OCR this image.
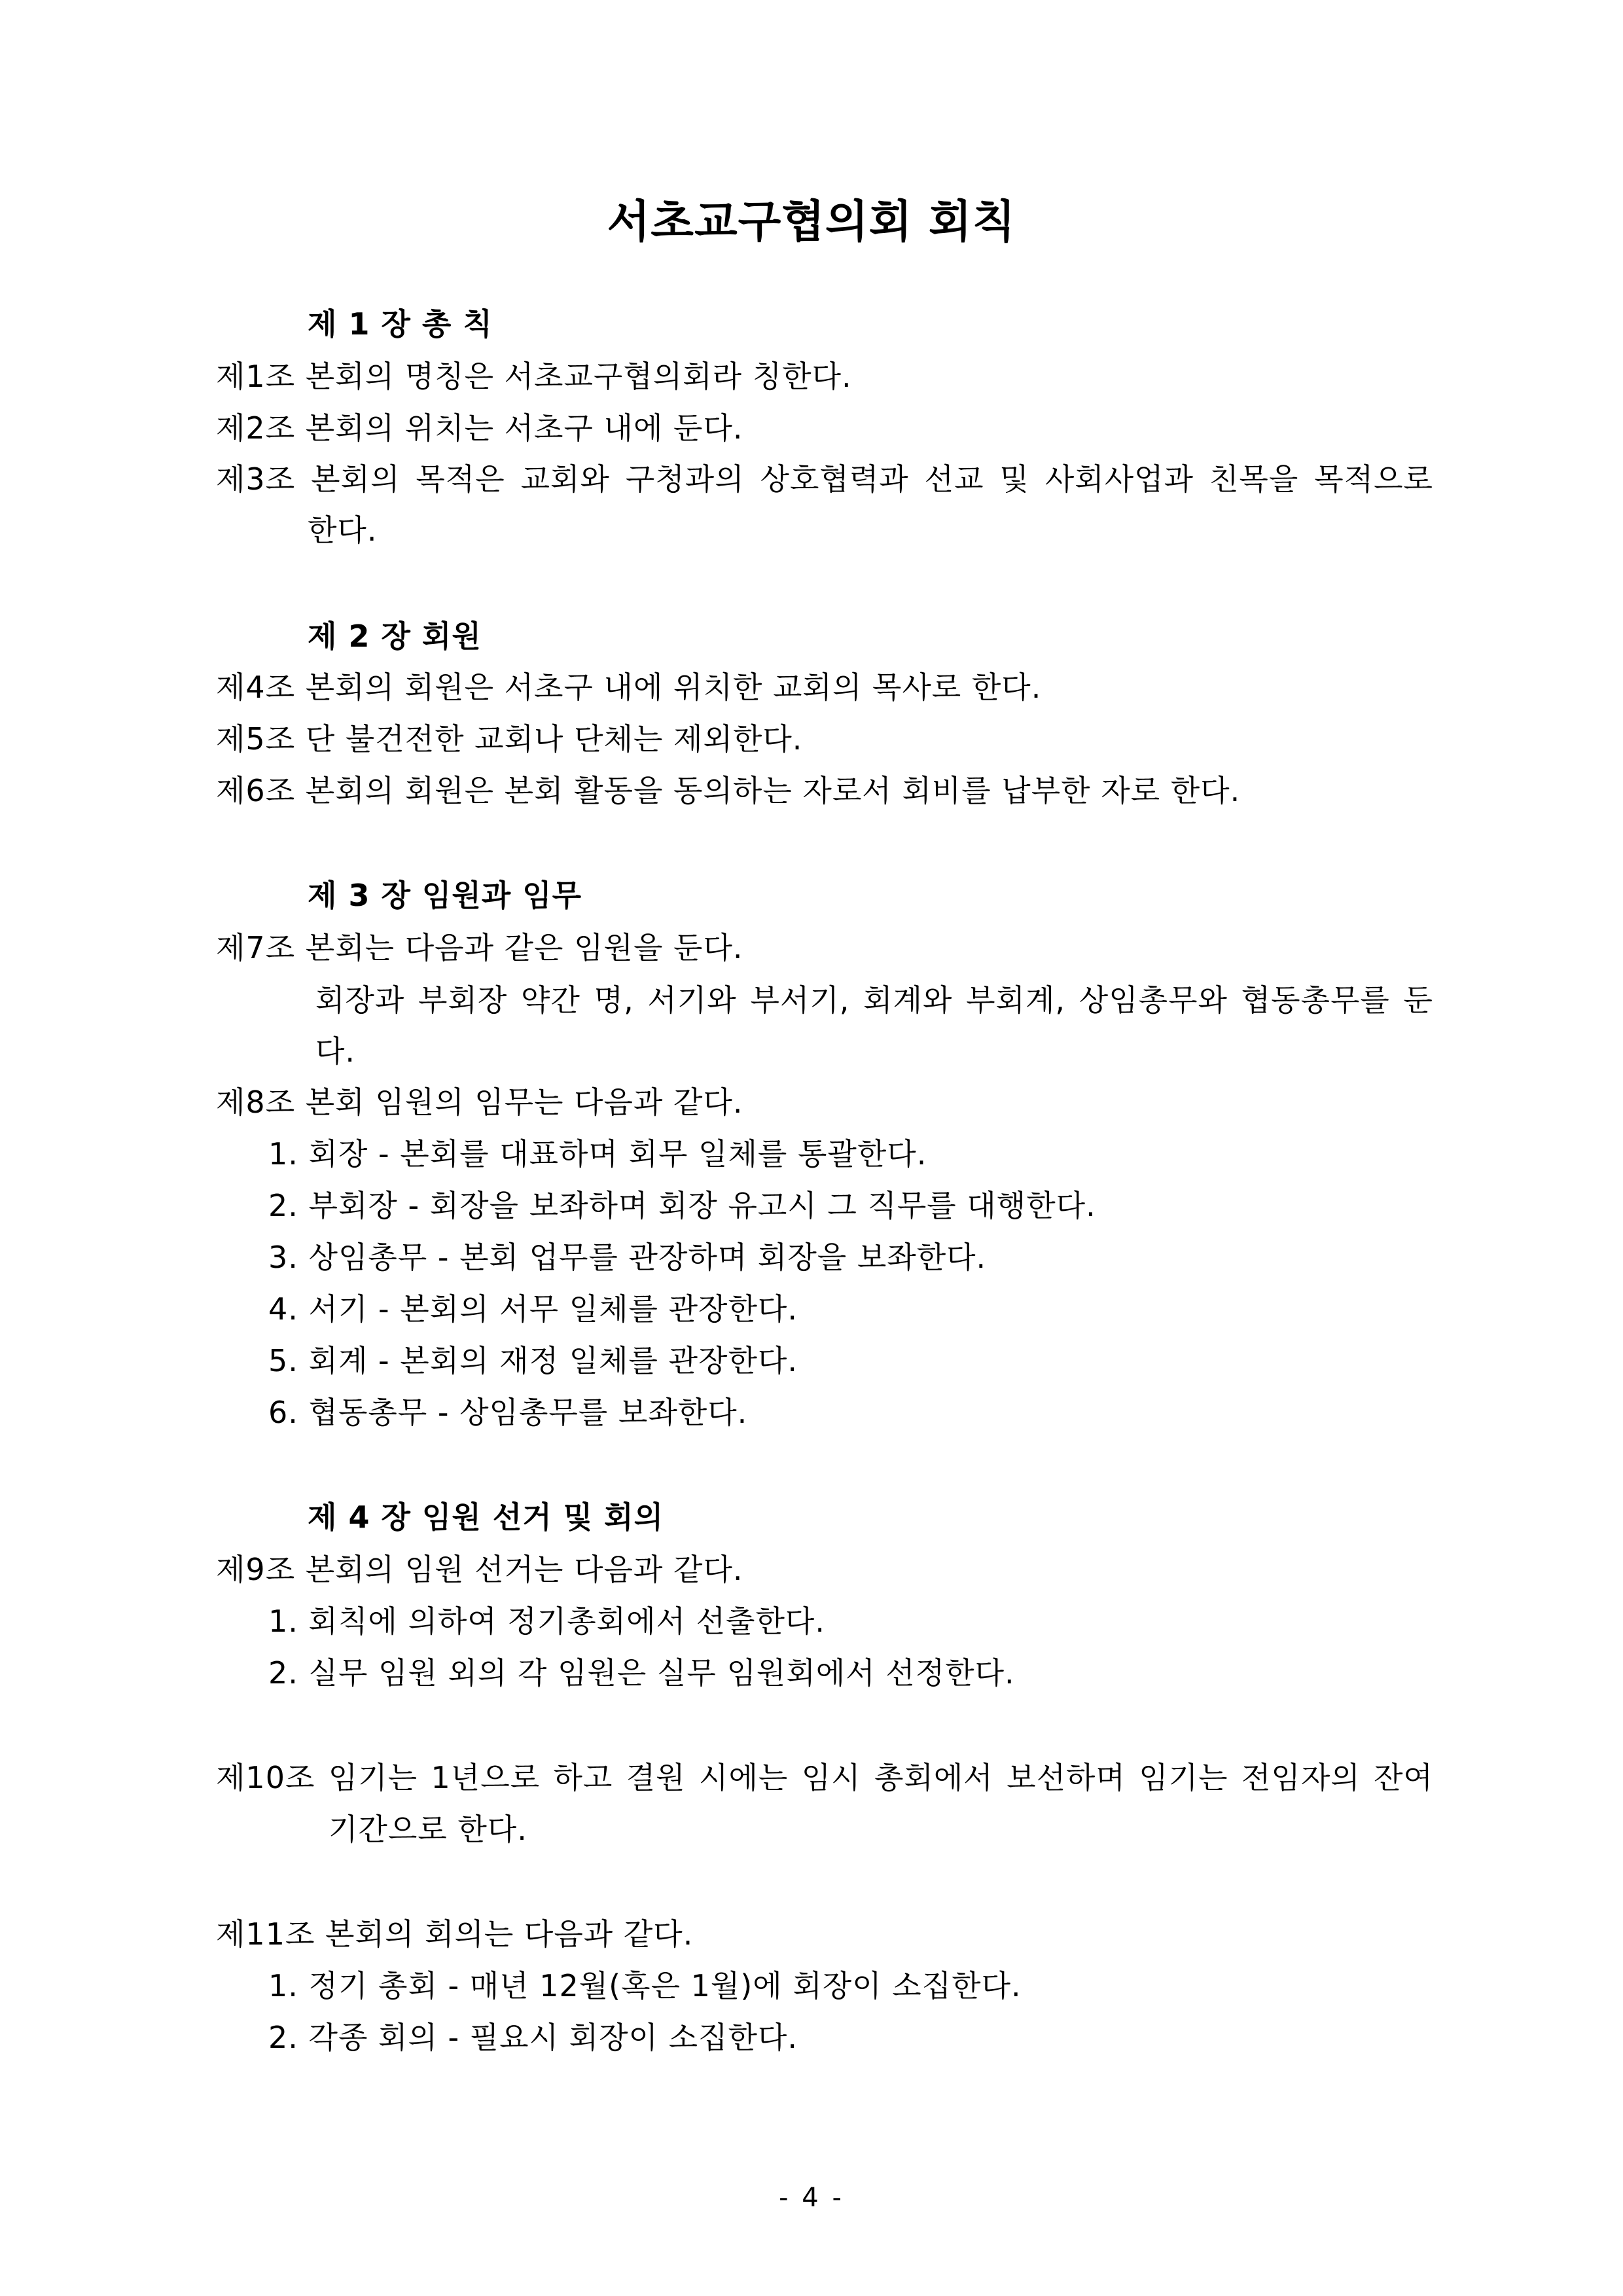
서초교구협의회 회칙
제 1 장 총 칙
제1조 본회의 명칭은 서초교구협의회라 칭한다.
제2조 본회의 위치는 서초구 내에 둔다.
제3조 본회의 목적은 교회와 구청과의 상호협력과 선교 및 사회사업과 친목을 목적으로
한다.
제 2 장 회원
제4조 본회의 회원은 서초구 내에 위치한 교회의 목사로 한다.
제5조 단 불건전한 교회나 단체는 제외한다.
제6조 본회의 회원은 본회 활동을 동의하는 자로서 회비를 납부한 자로 한다.
제 3 장 임원과 임무
제7조 본회는 다음과 같은 임원을 둔다.
회장과 부회장 약간 명, 서기와 부서기, 회계와 부회계, 상임총무와 협동총무를 둔
다.
제8조 본회 임원의 임무는 다음과 같다.
1. 회장 - 본회를 대표하며 회무 일체를 통괄한다.
2. 부회장 - 회장을 보좌하며 회장 유고시 그 직무를 대행한다.
3. 상임총무 - 본회 업무를 관장하며 회장을 보좌한다.
4. 서기 - 본회의 서무 일체를 관장한다.
5. 회계 - 본회의 재정 일체를 관장한다.
6. 협동총무 - 상임총무를 보좌한다.
제 4 장 임원 선거 및 회의
제9조 본회의 임원 선거는 다음과 같다.
1. 회칙에 의하여 정기총회에서 선출한다.
2. 실무 임원 외의 각 임원은 실무 임원회에서 선정한다.
제10조 임기는 1년으로 하고 결원 시에는 임시 총회에서 보선하며 임기는 전임자의 잔여
기간으로 한다.
제11조 본회의 회의는 다음과 같다.
1. 정기 총회 - 매년 12월(혹은 1월)에 회장이 소집한다.
2. 각종 회의 - 필요시 회장이 소집한다.
- 4 -
